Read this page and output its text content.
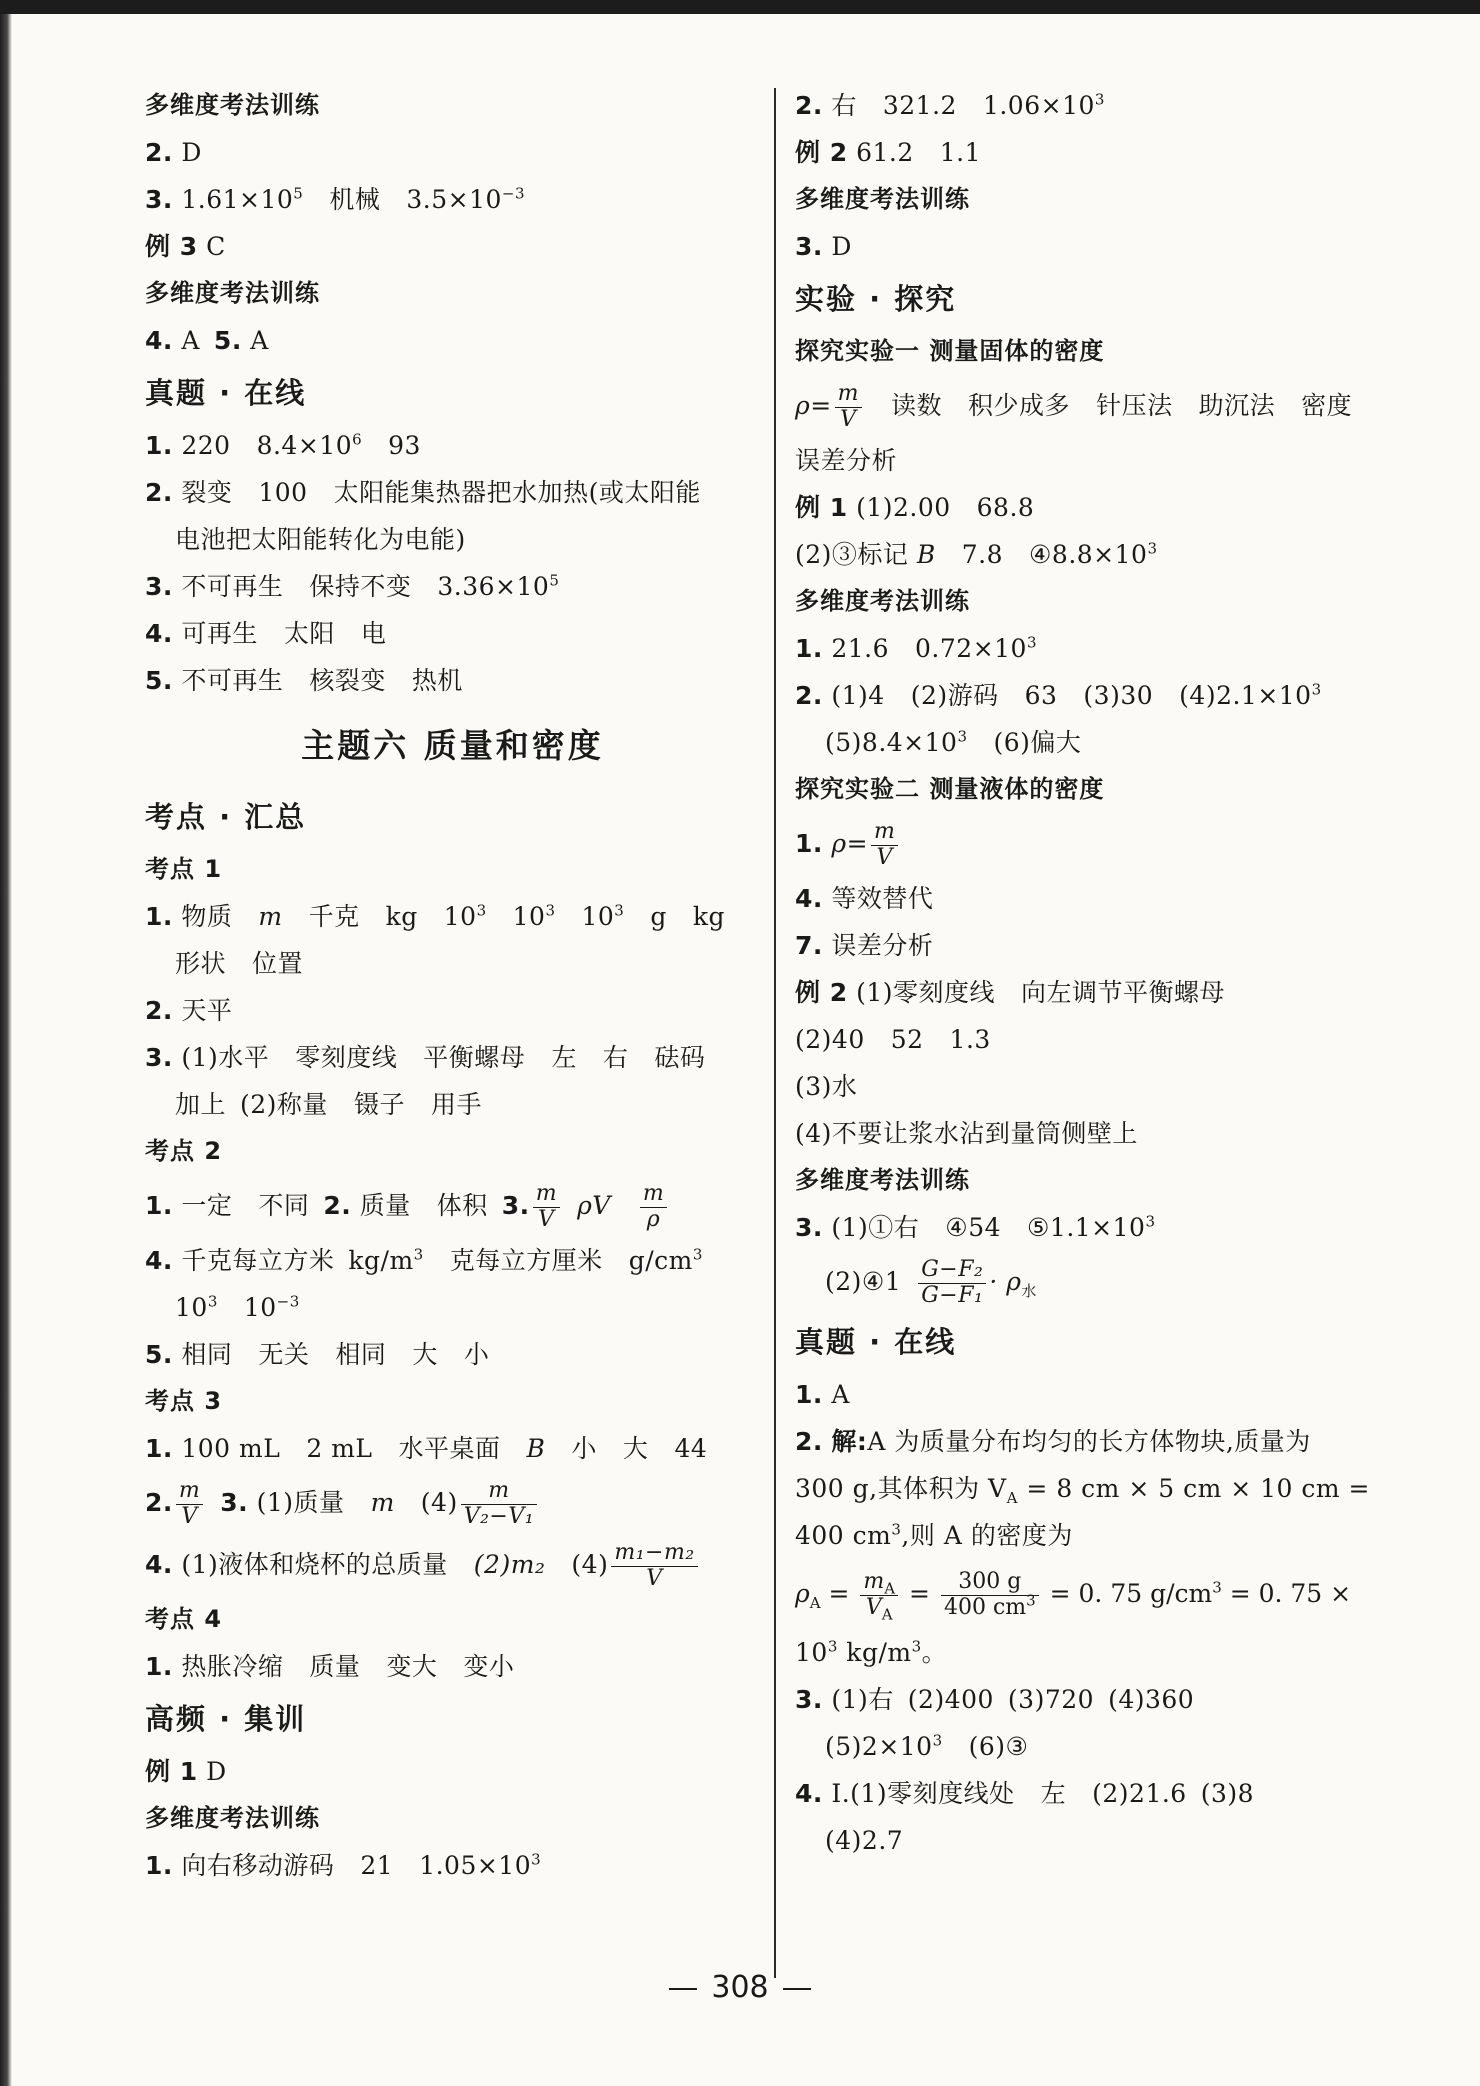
多维度考法训练
2. D
3. $1.61\times 10^5$ 机械 $3.5\times 10^{-3}$
例 3 C
多维度考法训练
4. A 5. A
真题 · 在线
1. 220 $8.4\times 10^6$ 93
2. 裂变 100 太阳能集热器把水加热(或太阳能
电池把太阳能转化为电能)
3. 不可再生 保持不变 $3.36\times 10^5$
4. 可再生 太阳 电
5. 不可再生 核裂变 热机
主题六 质量和密度
考点 · 汇总
考点 1
1. 物质 m 千克 kg $10^3$ $10^3$ $10^3$ g kg
形状 位置
2. 天平
3. (1)水平 零刻度线 平衡螺母 左 右 砝码
加上 (2)称量 镊子 用手
考点 2
1. 一定 不同 2. 质量 体积 3. $\frac{m}{V}$ ρV $\frac{m}{\rho}$
4. 千克每立方米 $kg/m^3$ 克每立方厘米 $g/cm^3$
$10^3$ $10^{-3}$
5. 相同 无关 相同 大 小
考点 3
1. 100 mL 2 mL 水平桌面 B 小 大 44
2. $\frac{m}{V} 3$. (1)质量 m $(4) \frac{m}{\text{V₂−V₁}}$
4. (1)液体和烧杯的总质量 (2)m₂ $(4) \frac{\text{m₁−m₂}}{V}$
考点 4
1. 热胀冷缩 质量 变大 变小
高频 · 集训
例 1 D
多维度考法训练
1. 向右移动游码 21 $1.05\times 10^3$
2. 右 321.2 $1.06\times 10^3$
例 2 61.2 1.1
多维度考法训练
3. D
实验 · 探究
探究实验一 测量固体的密度
$\rho= \frac{m}{V}$ 读数 积少成多 针压法 助沉法 密度
误差分析
例 1 (1)2.00 68.8
(2)③标记 B 7.8 $④8.8\times 10^3$
多维度考法训练
1. 21.6 $0.72\times 10^3$
2. (1)4 (2)游码 63 (3)30 $(4)2.1\times 10^3$
$(5)8.4\times 10^3$ (6)偏大
探究实验二 测量液体的密度
1. $\rho= \frac{m}{V}$
4. 等效替代
7. 误差分析
例 2 (1)零刻度线 向左调节平衡螺母
(2)40 52 1.3
(3)水
(4)不要让浆水沾到量筒侧壁上
多维度考法训练
3. (1)①右 ④54 $⑤1.1\times 10^3$
(2)④1 $\frac{\text{G−F₂}}{\text{G−F₁}} \cdot \rho_水$
真题 · 在线
1. A
2. 解:A 为质量分布均匀的长方体物块,质量为
300 g,其体积为 $V_A = 8$ cm × 5 cm × 10 cm =
400 $cm^3$,则 A 的密度为
$\rho_A = \frac{m_A}{V_A} = \frac{300 g}{400 cm^3} = 0$. 75 $g/cm^3 = 0$. 75 ×
$10^3$ $kg/m^3$。
3. (1)右 (2)400 (3)720 (4)360
$(5)2\times 10^3$ (6)③
4. Ⅰ.(1)零刻度线处 左 (2)21.6 (3)8
(4)2.7
308
